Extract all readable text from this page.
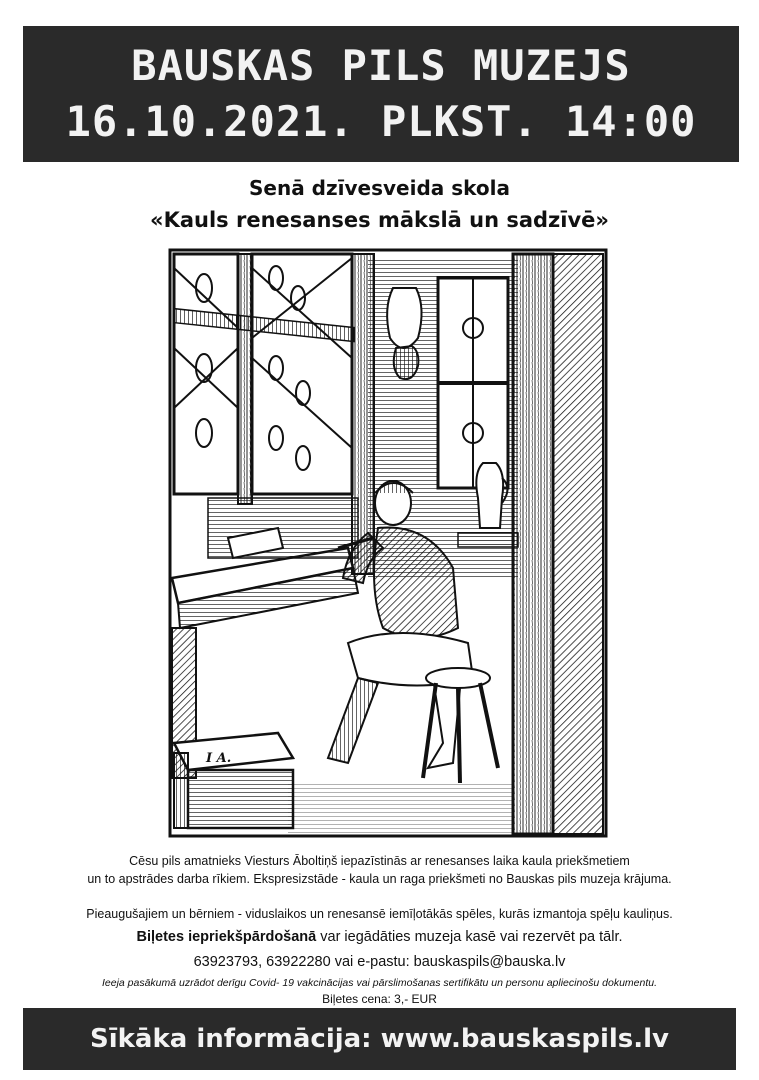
BAUSKAS PILS MUZEJS
16.10.2021. PLKST. 14:00
Senā dzīvesveida skola
«Kauls renesanses mākslā un sadzīvē»
I A.
Cēsu pils amatnieks Viesturs Āboltiņš iepazīstinās ar renesanses laika kaula priekšmetiem
un to apstrādes darba rīkiem. Ekspresizstāde - kaula un raga priekšmeti no Bauskas pils muzeja krājuma.
Pieaugušajiem un bērniem - viduslaikos un renesansē iemīļotākās spēles, kurās izmantoja spēļu kauliņus.
Biļetes iepriekšpārdošanā var iegādāties muzeja kasē vai rezervēt pa tālr.
63923793, 63922280 vai e-pastu: bauskaspils@bauska.lv
Ieeja pasākumā uzrādot derīgu Covid- 19 vakcinācijas vai pārslimošanas sertifikātu un personu apliecinošu dokumentu.
Biļetes cena: 3,- EUR
Sīkāka informācija: www.bauskaspils.lv
